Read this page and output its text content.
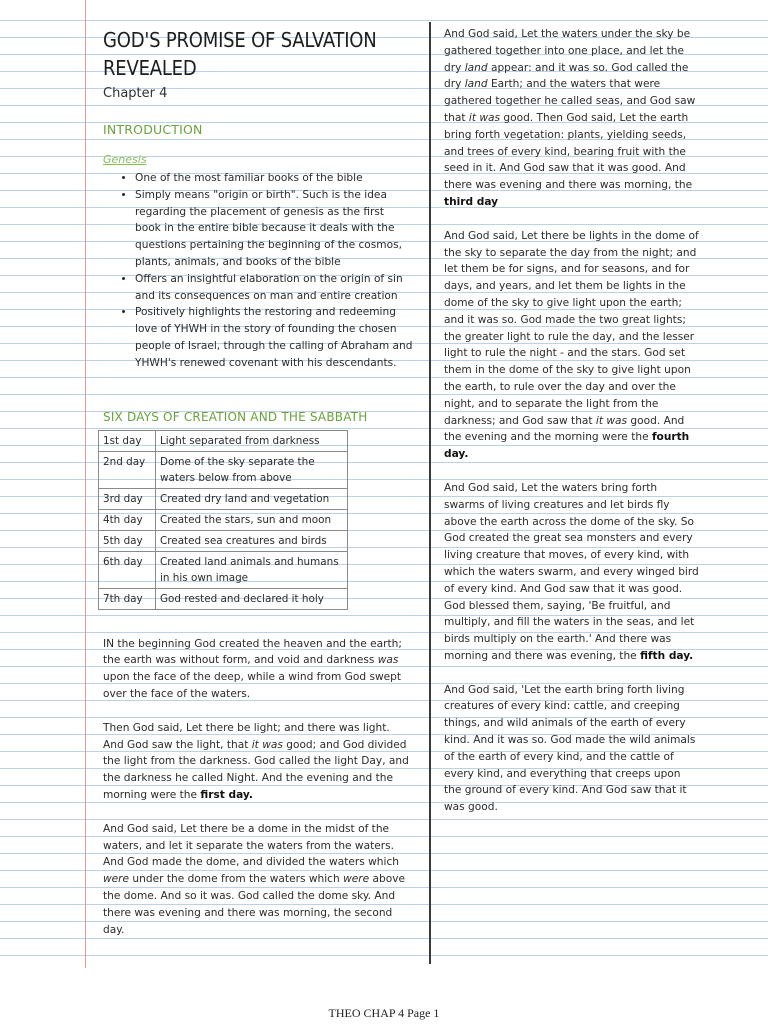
GOD'S PROMISE OF SALVATION REVEALED

Chapter 4

INTRODUCTION

Genesis

• One of the most familiar books of the bible
• Simply means "origin or birth". Such is the idea regarding the placement of genesis as the first book in the entire bible because it deals with the questions pertaining the beginning of the cosmos, plants, animals, and books of the bible
• Offers an insightful elaboration on the origin of sin and its consequences on man and entire creation
• Positively highlights the restoring and redeeming love of YHWH in the story of founding the chosen people of Israel, through the calling of Abraham and YHWH's renewed covenant with his descendants.

SIX DAYS OF CREATION AND THE SABBATH

1st day	Light separated from darkness
2nd day	Dome of the sky separate the waters below from above
3rd day	Created dry land and vegetation
4th day	Created the stars, sun and moon
5th day	Created sea creatures and birds
6th day	Created land animals and humans in his own image
7th day	God rested and declared it holy

IN the beginning God created the heaven and the earth; the earth was without form, and void and darkness was upon the face of the deep, while a wind from God swept over the face of the waters.

Then God said, Let there be light; and there was light. And God saw the light, that it was good; and God divided the light from the darkness. God called the light Day, and the darkness he called Night. And the evening and the morning were the first day.

And God said, Let there be a dome in the midst of the waters, and let it separate the waters from the waters. And God made the dome, and divided the waters which were under the dome from the waters which were above the dome. And so it was. God called the dome sky. And there was evening and there was morning, the second day.

And God said, Let the waters under the sky be gathered together into one place, and let the dry land appear: and it was so. God called the dry land Earth; and the waters that were gathered together he called seas, and God saw that it was good. Then God said, Let the earth bring forth vegetation: plants, yielding seeds, and trees of every kind, bearing fruit with the seed in it. And God saw that it was good. And there was evening and there was morning, the third day

And God said, Let there be lights in the dome of the sky to separate the day from the night; and let them be for signs, and for seasons, and for days, and years, and let them be lights in the dome of the sky to give light upon the earth; and it was so. God made the two great lights; the greater light to rule the day, and the lesser light to rule the night - and the stars. God set them in the dome of the sky to give light upon the earth, to rule over the day and over the night, and to separate the light from the darkness; and God saw that it was good. And the evening and the morning were the fourth day.

And God said, Let the waters bring forth swarms of living creatures and let birds fly above the earth across the dome of the sky. So God created the great sea monsters and every living creature that moves, of every kind, with which the waters swarm, and every winged bird of every kind. And God saw that it was good. God blessed them, saying, 'Be fruitful, and multiply, and fill the waters in the seas, and let birds multiply on the earth.' And there was morning and there was evening, the fifth day.

And God said, 'Let the earth bring forth living creatures of every kind: cattle, and creeping things, and wild animals of the earth of every kind. And it was so. God made the wild animals of the earth of every kind, and the cattle of every kind, and everything that creeps upon the ground of every kind. And God saw that it was good.

THEO CHAP 4 Page 1
